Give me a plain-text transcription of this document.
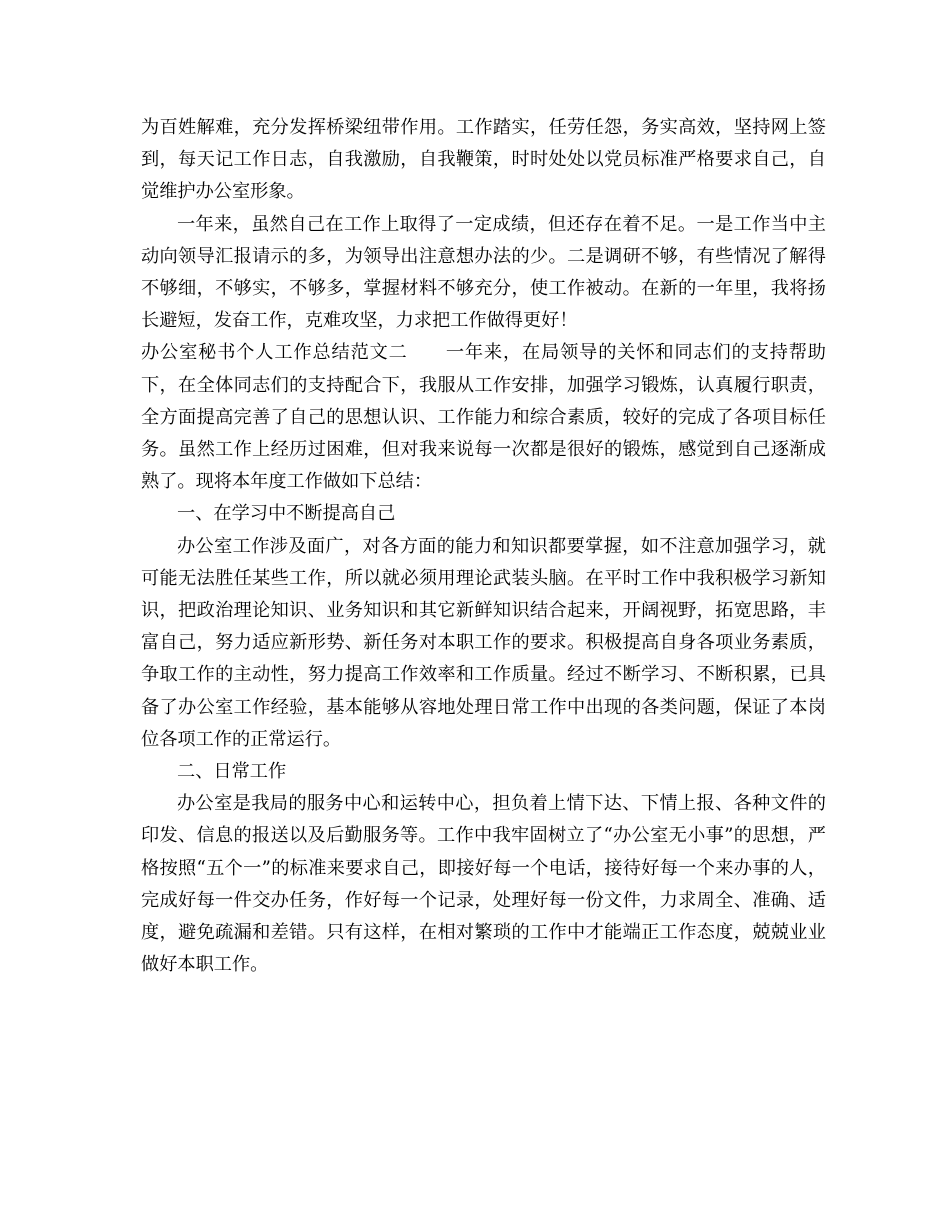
为百姓解难，充分发挥桥梁纽带作用。工作踏实，任劳任怨，务实高效，坚持网上签到，每天记工作日志，自我激励，自我鞭策，时时处处以党员标准严格要求自己，自觉维护办公室形象。

一年来，虽然自己在工作上取得了一定成绩，但还存在着不足。一是工作当中主动向领导汇报请示的多，为领导出注意想办法的少。二是调研不够，有些情况了解得不够细，不够实，不够多，掌握材料不够充分，使工作被动。在新的一年里，我将扬长避短，发奋工作，克难攻坚，力求把工作做得更好！

办公室秘书个人工作总结范文二　　一年来，在局领导的关怀和同志们的支持帮助下，在全体同志们的支持配合下，我服从工作安排，加强学习锻炼，认真履行职责，全方面提高完善了自己的思想认识、工作能力和综合素质，较好的完成了各项目标任务。虽然工作上经历过困难，但对我来说每一次都是很好的锻炼，感觉到自己逐渐成熟了。现将本年度工作做如下总结：

一、在学习中不断提高自己

办公室工作涉及面广，对各方面的能力和知识都要掌握，如不注意加强学习，就可能无法胜任某些工作，所以就必须用理论武装头脑。在平时工作中我积极学习新知识，把政治理论知识、业务知识和其它新鲜知识结合起来，开阔视野，拓宽思路，丰富自己，努力适应新形势、新任务对本职工作的要求。积极提高自身各项业务素质，争取工作的主动性，努力提高工作效率和工作质量。经过不断学习、不断积累，已具备了办公室工作经验，基本能够从容地处理日常工作中出现的各类问题，保证了本岗位各项工作的正常运行。

二、日常工作

办公室是我局的服务中心和运转中心，担负着上情下达、下情上报、各种文件的印发、信息的报送以及后勤服务等。工作中我牢固树立了“办公室无小事”的思想，严格按照“五个一”的标准来要求自己，即接好每一个电话，接待好每一个来办事的人，完成好每一件交办任务，作好每一个记录，处理好每一份文件，力求周全、准确、适度，避免疏漏和差错。只有这样，在相对繁琐的工作中才能端正工作态度，兢兢业业做好本职工作。
